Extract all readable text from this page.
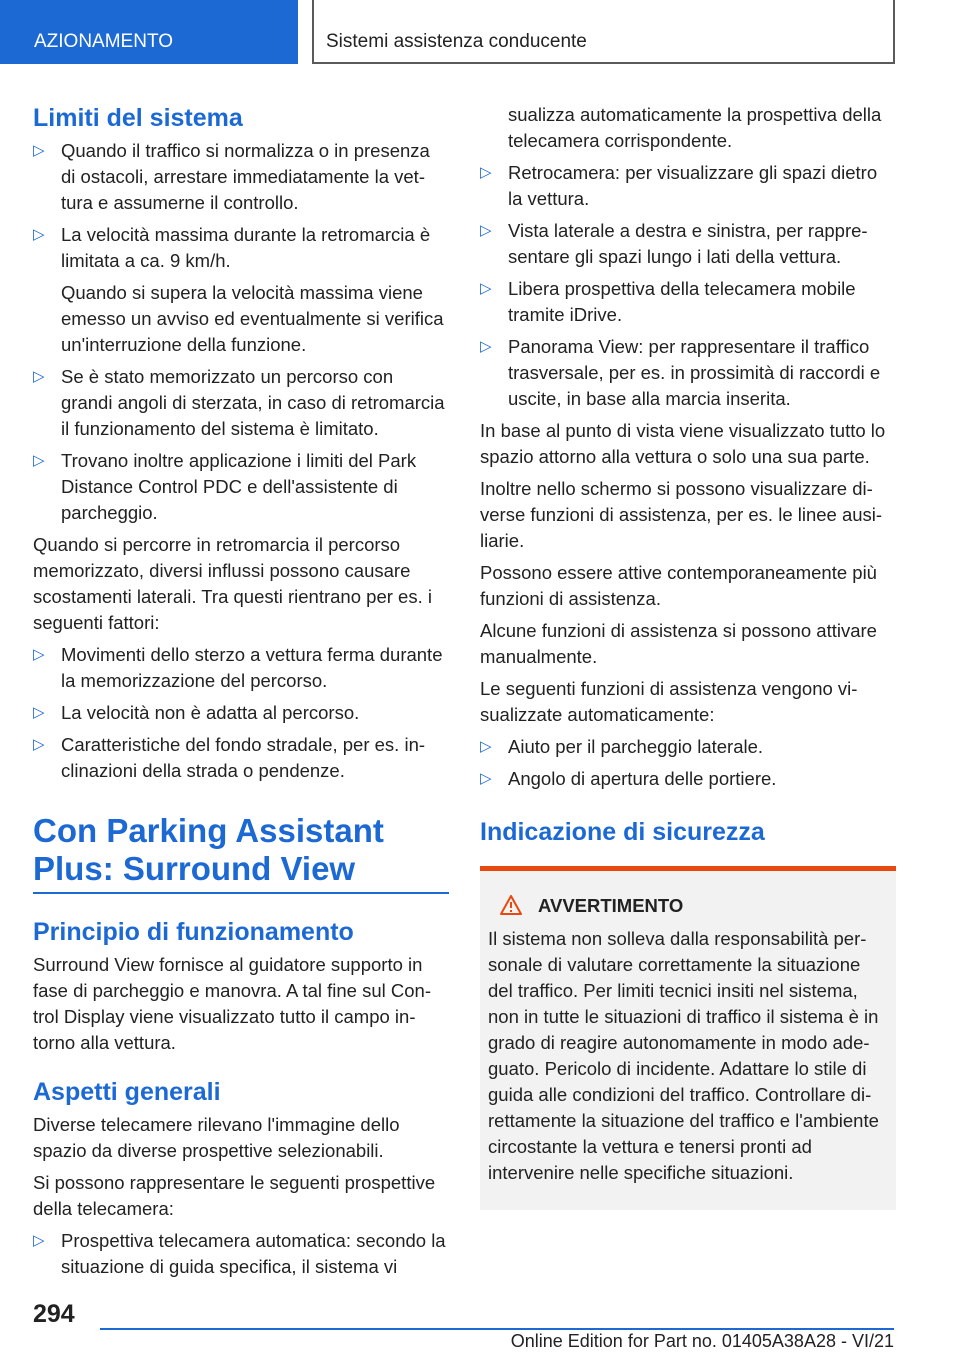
AZIONAMENTO	Sistemi assistenza conducente
Limiti del sistema
▷ Quando il traffico si normalizza o in presenza di ostacoli, arrestare immediatamente la vettura e assumerne il controllo.
▷ La velocità massima durante la retromarcia è limitata a ca. 9 km/h.

Quando si supera la velocità massima viene emesso un avviso ed eventualmente si verifica un'interruzione della funzione.

▷ Se è stato memorizzato un percorso con grandi angoli di sterzata, in caso di retromarcia il funzionamento del sistema è limitato.
▷ Trovano inoltre applicazione i limiti del Park Distance Control PDC e dell'assistente di parcheggio.

Quando si percorre in retromarcia il percorso memorizzato, diversi influssi possono causare scostamenti laterali. Tra questi rientrano per es. i seguenti fattori:

▷ Movimenti dello sterzo a vettura ferma durante la memorizzazione del percorso.
▷ La velocità non è adatta al percorso.
▷ Caratteristiche del fondo stradale, per es. inclinazioni della strada o pendenze.
Con Parking Assistant Plus: Surround View
Principio di funzionamento

Surround View fornisce al guidatore supporto in fase di parcheggio e manovra. A tal fine sul Control Display viene visualizzato tutto il campo intorno alla vettura.

Aspetti generali

Diverse telecamere rilevano l'immagine dello spazio da diverse prospettive selezionabili.

Si possono rappresentare le seguenti prospettive della telecamera:

▷ Prospettiva telecamera automatica: secondo la situazione di guida specifica, il sistema vi
sualizza automaticamente la prospettiva della telecamera corrispondente.
▷ Retrocamera: per visualizzare gli spazi dietro la vettura.
▷ Vista laterale a destra e sinistra, per rappresentare gli spazi lungo i lati della vettura.
▷ Libera prospettiva della telecamera mobile tramite iDrive.
▷ Panorama View: per rappresentare il traffico trasversale, per es. in prossimità di raccordi e uscite, in base alla marcia inserita.

In base al punto di vista viene visualizzato tutto lo spazio attorno alla vettura o solo una sua parte.

Inoltre nello schermo si possono visualizzare diverse funzioni di assistenza, per es. le linee ausiliarie.

Possono essere attive contemporaneamente più funzioni di assistenza.

Alcune funzioni di assistenza si possono attivare manualmente.

Le seguenti funzioni di assistenza vengono visualizzate automaticamente:

▷ Aiuto per il parcheggio laterale.
▷ Angolo di apertura delle portiere.
Indicazione di sicurezza
AVVERTIMENTO

Il sistema non solleva dalla responsabilità personale di valutare correttamente la situazione del traffico. Per limiti tecnici insiti nel sistema, non in tutte le situazioni di traffico il sistema è in grado di reagire autonomamente in modo adeguato. Pericolo di incidente. Adattare lo stile di guida alle condizioni del traffico. Controllare direttamente la situazione del traffico e l'ambiente circostante la vettura e tenersi pronti ad intervenire nelle specifiche situazioni.

294
Online Edition for Part no. 01405A38A28 - VI/21
